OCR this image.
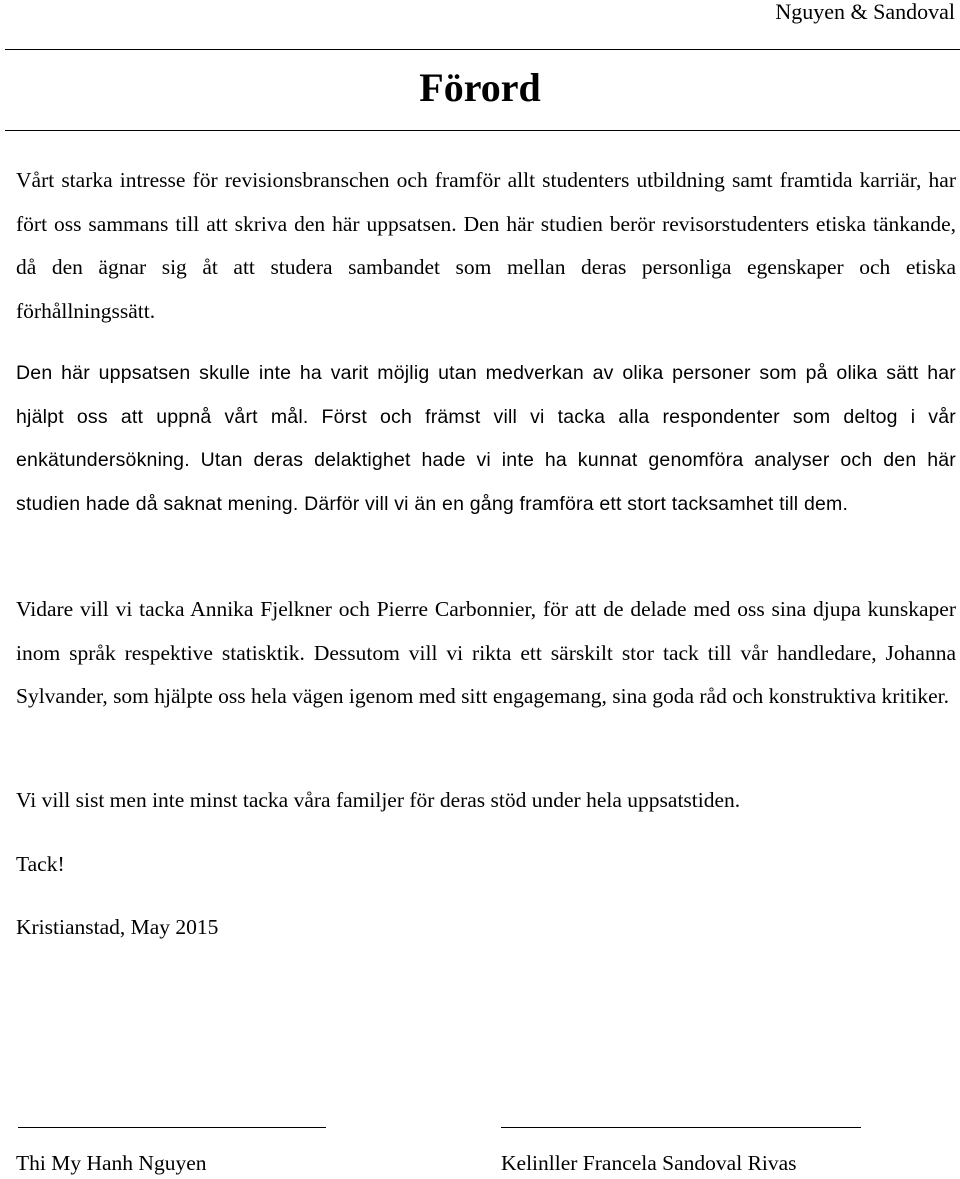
Nguyen & Sandoval
Förord

Vårt starka intresse för revisionsbranschen och framför allt studenters utbildning samt framtida karriär, har fört oss sammans till att skriva den här uppsatsen. Den här studien berör revisorstudenters etiska tänkande, då den ägnar sig åt att studera sambandet som mellan deras personliga egenskaper och etiska förhållningssätt.

Den här uppsatsen skulle inte ha varit möjlig utan medverkan av olika personer som på olika sätt har hjälpt oss att uppnå vårt mål. Först och främst vill vi tacka alla respondenter som deltog i vår enkätundersökning. Utan deras delaktighet hade vi inte ha kunnat genomföra analyser och den här studien hade då saknat mening. Därför vill vi än en gång framföra ett stort tacksamhet till dem.

Vidare vill vi tacka Annika Fjelkner och Pierre Carbonnier, för att de delade med oss sina djupa kunskaper inom språk respektive statisktik. Dessutom vill vi rikta ett särskilt stor tack till vår handledare, Johanna Sylvander, som hjälpte oss hela vägen igenom med sitt engagemang, sina goda råd och konstruktiva kritiker.

Vi vill sist men inte minst tacka våra familjer för deras stöd under hela uppsatstiden.

Tack!

Kristianstad, May 2015

Thi My Hanh Nguyen	Kelinller Francela Sandoval Rivas
